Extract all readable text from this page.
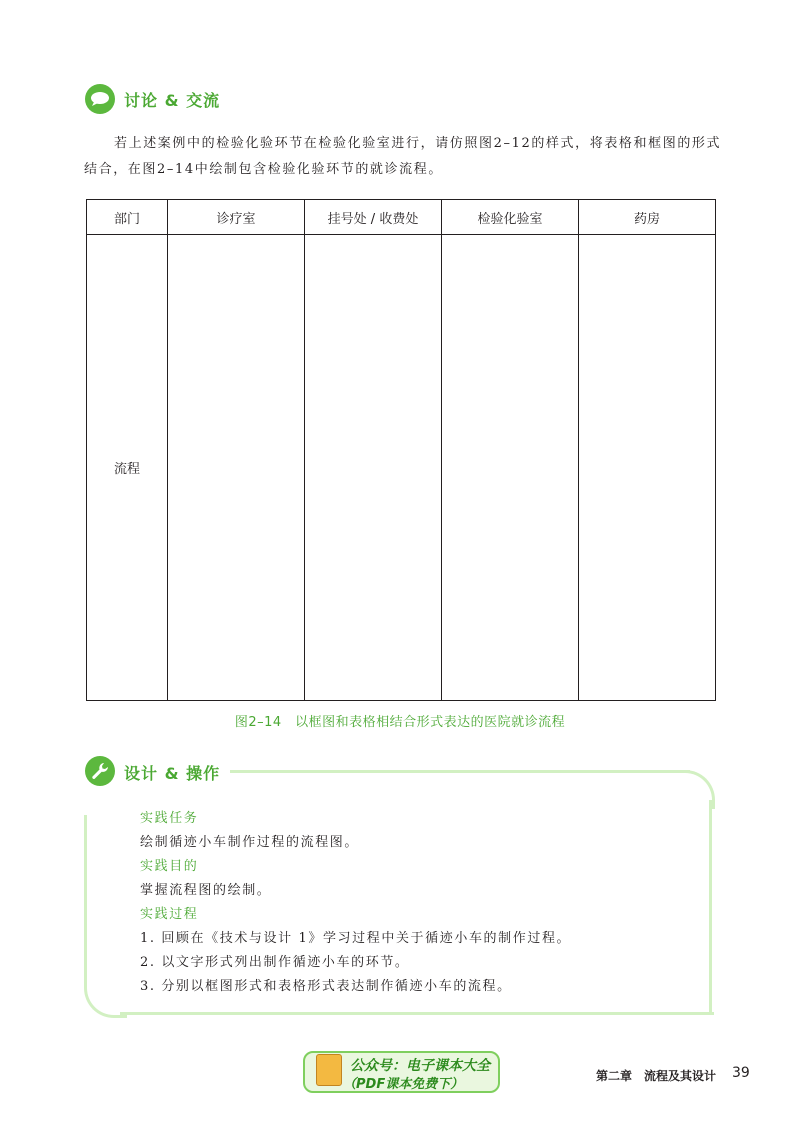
讨论 & 交流
若上述案例中的检验化验环节在检验化验室进行，请仿照图2–12的样式，将表格和框图的形式
结合，在图2–14中绘制包含检验化验环节的就诊流程。
部门	诊疗室	挂号处 / 收费处	检验化验室	药房
流程				
图2–14　以框图和表格相结合形式表达的医院就诊流程
设计 & 操作
实践任务
绘制循迹小车制作过程的流程图。
实践目的
掌握流程图的绘制。
实践过程
1. 回顾在《技术与设计 1》学习过程中关于循迹小车的制作过程。
2. 以文字形式列出制作循迹小车的环节。
3. 分别以框图形式和表格形式表达制作循迹小车的流程。
公众号：电子课本大全
（PDF课本免费下）
第二章　流程及其设计 39
